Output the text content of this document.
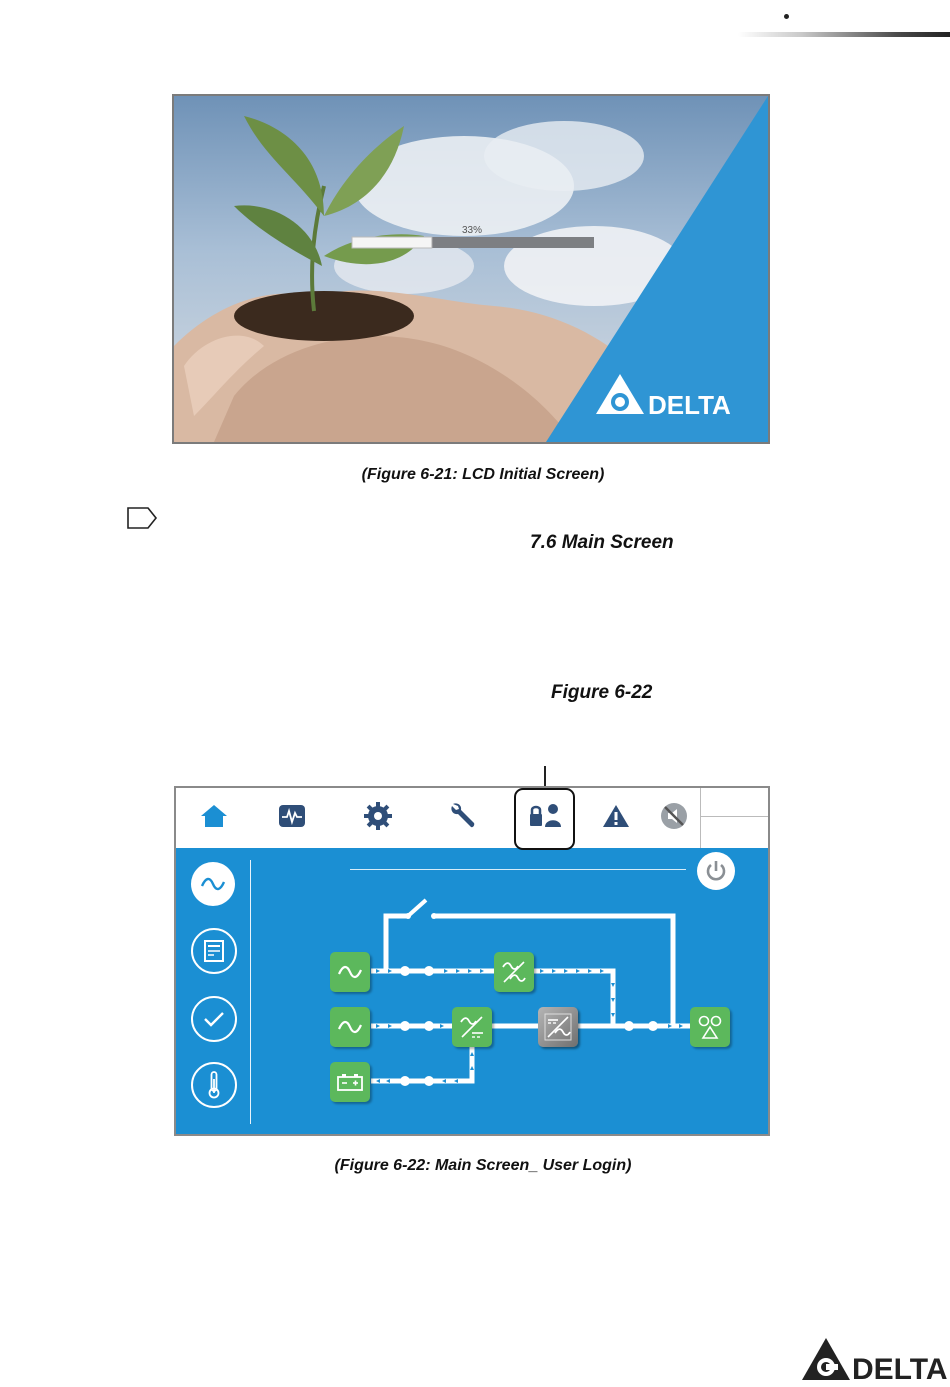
33%
DELTA
(Figure 6-21: LCD Initial Screen)
7.6 Main Screen
Figure 6-22
(Figure 6-22: Main Screen_ User Login)
DELTA
